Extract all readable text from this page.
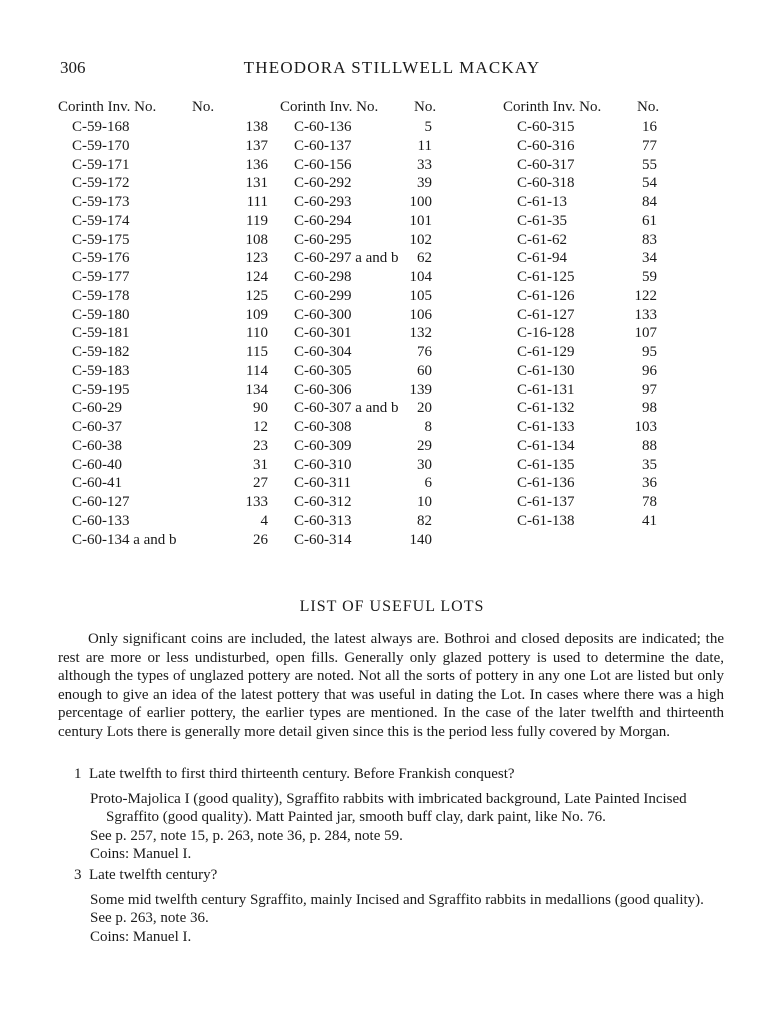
306	THEODORA STILLWELL MACKAY
Corinth Inv. No. No.
C-59-168	138
C-59-170	137
C-59-171	136
C-59-172	131
C-59-173	111
C-59-174	119
C-59-175	108
C-59-176	123
C-59-177	124
C-59-178	125
C-59-180	109
C-59-181	110
C-59-182	115
C-59-183	114
C-59-195	134
C-60-29	90
C-60-37	12
C-60-38	23
C-60-40	31
C-60-41	27
C-60-127	133
C-60-133	4
C-60-134 a and b	26
Corinth Inv. No. No.
C-60-136	5
C-60-137	11
C-60-156	33
C-60-292	39
C-60-293	100
C-60-294	101
C-60-295	102
C-60-297 a and b	62
C-60-298	104
C-60-299	105
C-60-300	106
C-60-301	132
C-60-304	76
C-60-305	60
C-60-306	139
C-60-307 a and b	20
C-60-308	8
C-60-309	29
C-60-310	30
C-60-311	6
C-60-312	10
C-60-313	82
C-60-314	140
Corinth Inv. No. No.
C-60-315	16
C-60-316	77
C-60-317	55
C-60-318	54
C-61-13	84
C-61-35	61
C-61-62	83
C-61-94	34
C-61-125	59
C-61-126	122
C-61-127	133
C-16-128	107
C-61-129	95
C-61-130	96
C-61-131	97
C-61-132	98
C-61-133	103
C-61-134	88
C-61-135	35
C-61-136	36
C-61-137	78
C-61-138	41
LIST OF USEFUL LOTS

Only significant coins are included, the latest always are. Bothroi and closed deposits are indicated; the rest are more or less undisturbed, open fills. Generally only glazed pottery is used to determine the date, although the types of unglazed pottery are noted. Not all the sorts of pottery in any one Lot are listed but only enough to give an idea of the latest pottery that was useful in dating the Lot. In cases where there was a high percentage of earlier pottery, the earlier types are mentioned. In the case of the later twelfth and thirteenth century Lots there is generally more detail given since this is the period less fully covered by Morgan.

1 Late twelfth to first third thirteenth century. Before Frankish conquest?

Proto-Majolica I (good quality), Sgraffito rabbits with imbricated background, Late Painted Incised Sgraffito (good quality). Matt Painted jar, smooth buff clay, dark paint, like No. 76.

See p. 257, note 15, p. 263, note 36, p. 284, note 59.

Coins: Manuel I.

3 Late twelfth century?

Some mid twelfth century Sgraffito, mainly Incised and Sgraffito rabbits in medallions (good quality).

See p. 263, note 36.

Coins: Manuel I.
